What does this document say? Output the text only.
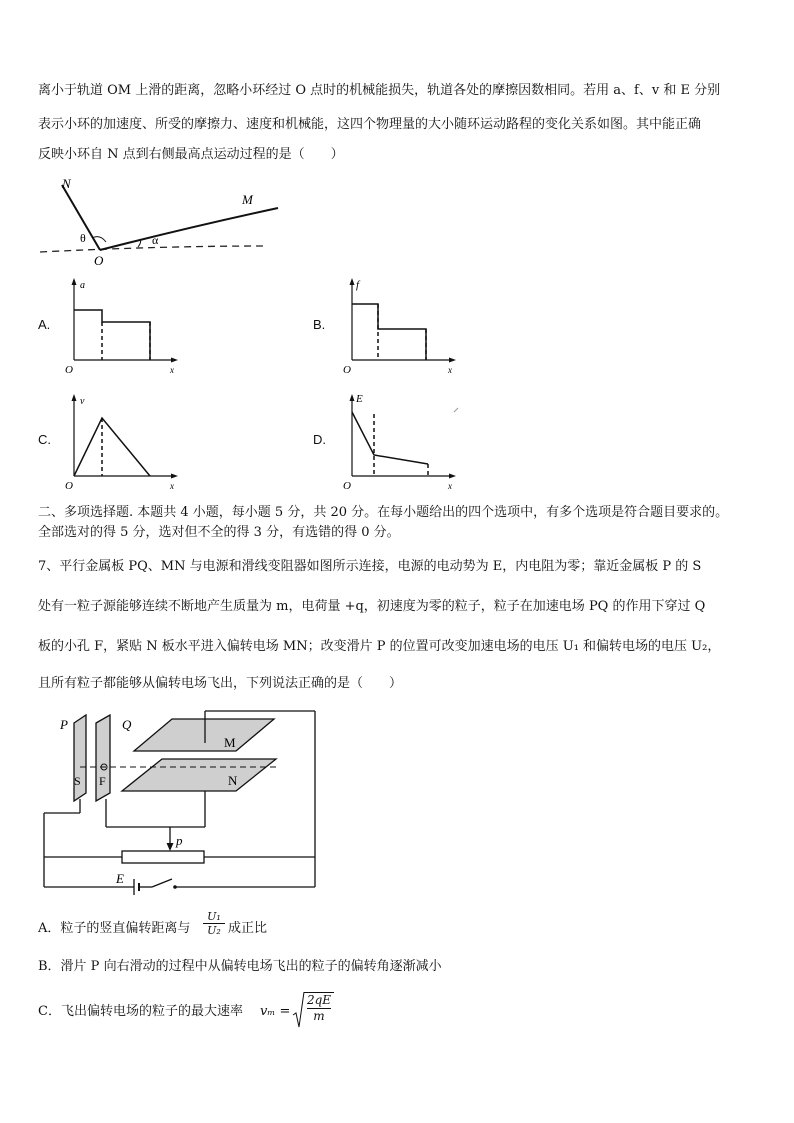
离小于轨道 OM 上滑的距离，忽略小环经过 O 点时的机械能损失，轨道各处的摩擦因数相同。若用 a、f、v 和 E 分别
表示小环的加速度、所受的摩擦力、速度和机械能，这四个物理量的大小随环运动路程的变化关系如图。其中能正确
反映小环自 N 点到右侧最高点运动过程的是（　　）
N
M
O
θ	α
A.
a
x
O
B.
f
x
O
C.
v
x
O
D.
E
x
O
二、多项选择题. 本题共 4 小题，每小题 5 分，共 20 分。在每小题给出的四个选项中，有多个选项是符合题目要求的。
全部选对的得 5 分，选对但不全的得 3 分，有选错的得 0 分。
7、平行金属板 PQ、MN 与电源和滑线变阻器如图所示连接，电源的电动势为 E，内电阻为零；靠近金属板 P 的 S
处有一粒子源能够连续不断地产生质量为 m，电荷量 +q，初速度为零的粒子，粒子在加速电场 PQ 的作用下穿过 Q
板的小孔 F，紧贴 N 板水平进入偏转电场 MN；改变滑片 P 的位置可改变加速电场的电压 U₁ 和偏转电场的电压 U₂，
且所有粒子都能够从偏转电场飞出，下列说法正确的是（　　）
P	Q
S F
M
N
p
E
A．粒子的竖直偏转距离与
U₁
U₂ 成正比
B．滑片 P 向右滑动的过程中从偏转电场飞出的粒子的偏转角逐渐减小
C．飞出偏转电场的粒子的最大速率 vₘ =
2qE
m
